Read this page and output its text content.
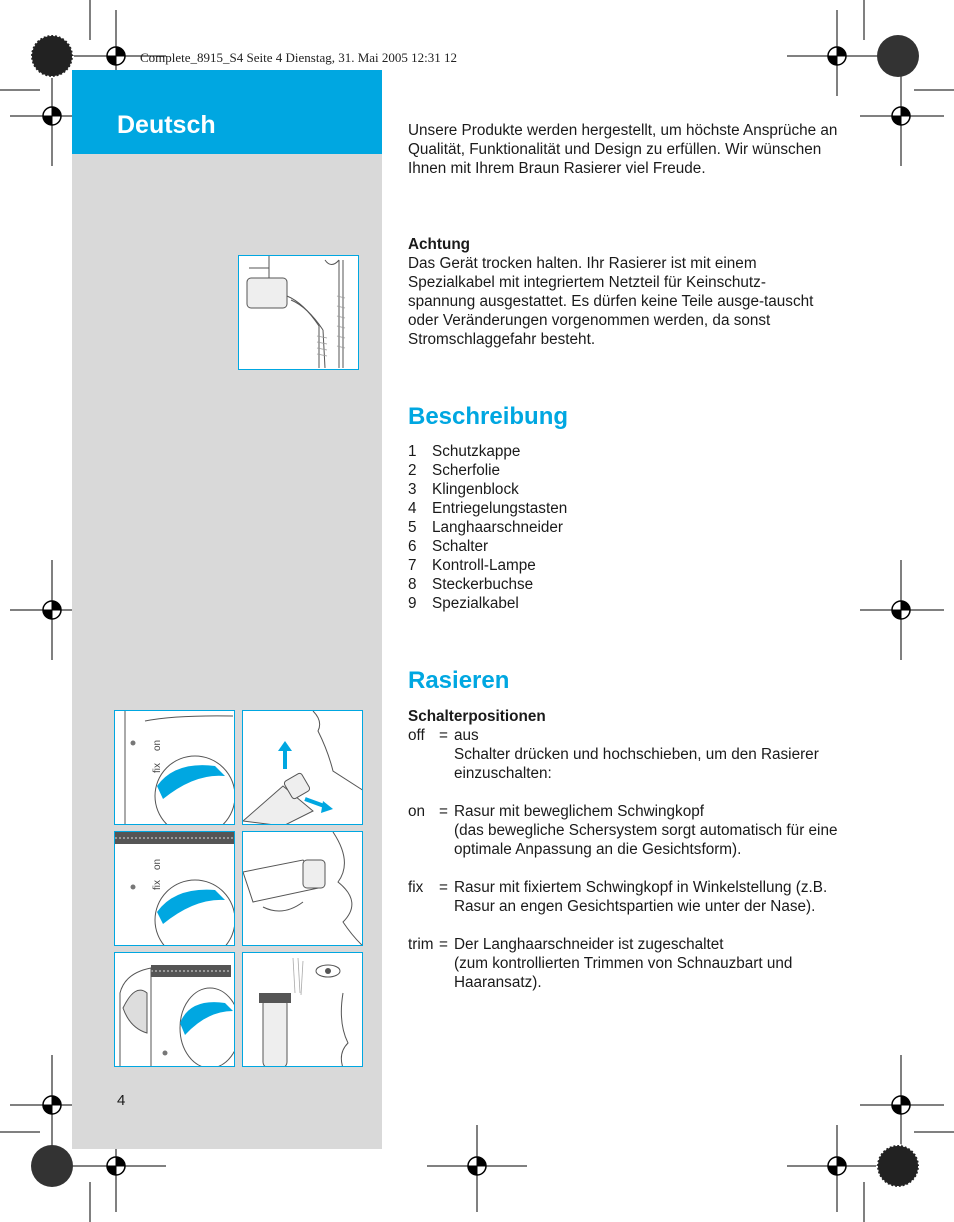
Complete_8915_S4 Seite 4 Dienstag, 31. Mai 2005 12:31 12
Deutsch
on
fix
on
fix
4
Unsere Produkte werden hergestellt, um höchste Ansprüche an Qualität, Funktionalität und Design zu erfüllen. Wir wünschen Ihnen mit Ihrem Braun Rasierer viel Freude.
Achtung
Das Gerät trocken halten. Ihr Rasierer ist mit einem Spezialkabel mit integriertem Netzteil für Keinschutz-spannung ausgestattet. Es dürfen keine Teile ausge-tauscht oder Veränderungen vorgenommen werden, da sonst Stromschlaggefahr besteht.
Beschreibung
1	Schutzkappe
2	Scherfolie
3	Klingenblock
4	Entriegelungstasten
5	Langhaarschneider
6	Schalter
7	Kontroll-Lampe
8	Steckerbuchse
9	Spezialkabel
Rasieren
Schalterpositionen
off = aus
Schalter drücken und hochschieben, um den Rasierer einzuschalten:
on = Rasur mit beweglichem Schwingkopf
(das bewegliche Schersystem sorgt automatisch für eine optimale Anpassung an die Gesichtsform).
fix	= Rasur mit fixiertem Schwingkopf in Winkelstellung (z.B. Rasur an engen Gesichtspartien wie unter der Nase).
trim = Der Langhaarschneider ist zugeschaltet
(zum kontrollierten Trimmen von Schnauzbart und Haaransatz).
